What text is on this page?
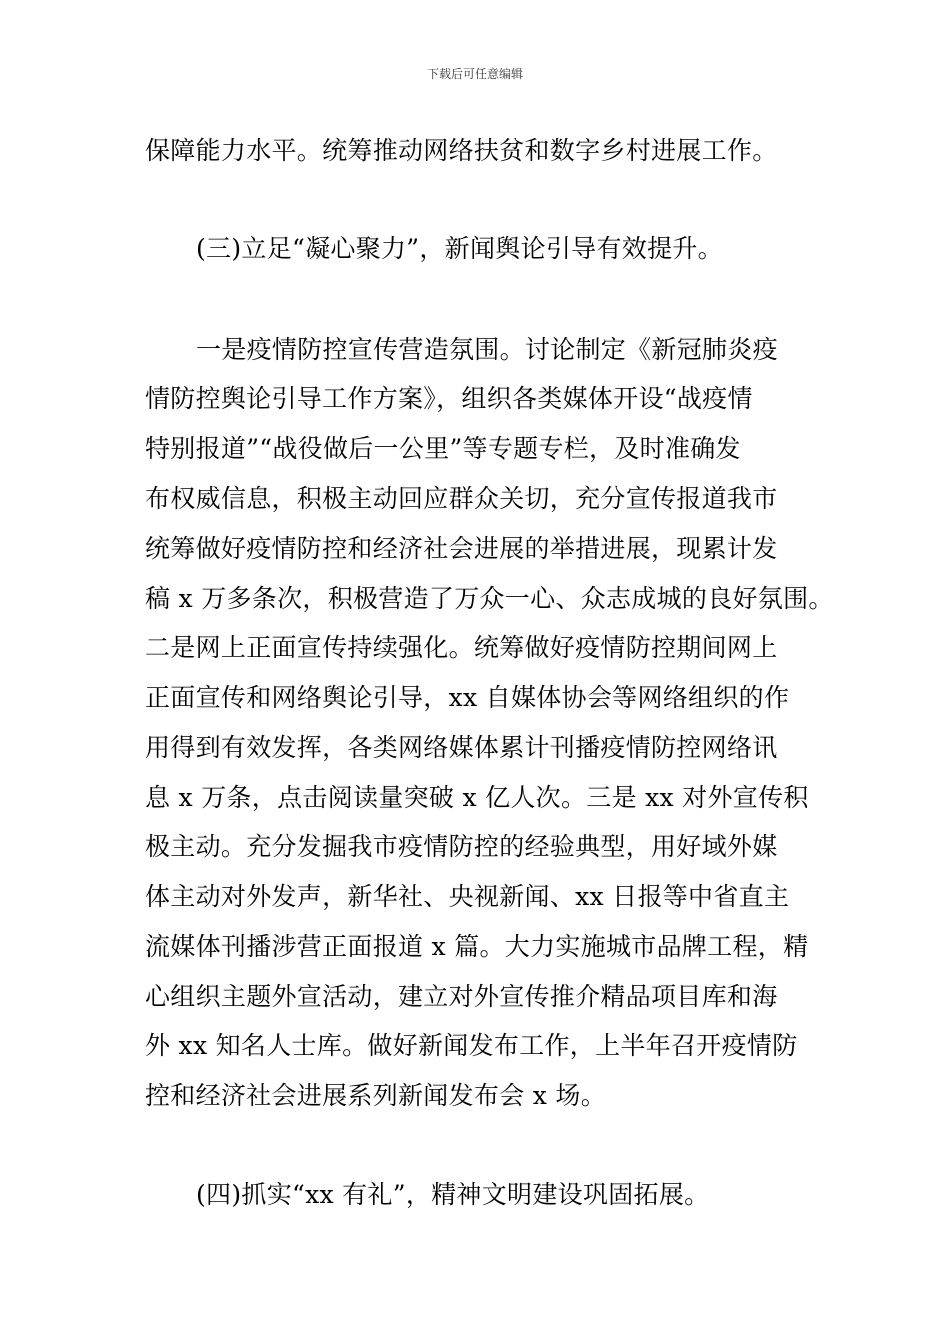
下载后可任意编辑
保障能力水平。统筹推动网络扶贫和数字乡村进展工作。
(三)立足“凝心聚力”，新闻舆论引导有效提升。
一是疫情防控宣传营造氛围。讨论制定《新冠肺炎疫
情防控舆论引导工作方案》，组织各类媒体开设“战疫情
特别报道”“战役做后一公里”等专题专栏，及时准确发
布权威信息，积极主动回应群众关切，充分宣传报道我市
统筹做好疫情防控和经济社会进展的举措进展，现累计发
稿 x 万多条次，积极营造了万众一心、众志成城的良好氛围。
二是网上正面宣传持续强化。统筹做好疫情防控期间网上
正面宣传和网络舆论引导，xx 自媒体协会等网络组织的作
用得到有效发挥，各类网络媒体累计刊播疫情防控网络讯
息 x 万条，点击阅读量突破 x 亿人次。三是 xx 对外宣传积
极主动。充分发掘我市疫情防控的经验典型，用好域外媒
体主动对外发声，新华社、央视新闻、xx 日报等中省直主
流媒体刊播涉营正面报道 x 篇。大力实施城市品牌工程，精
心组织主题外宣活动，建立对外宣传推介精品项目库和海
外 xx 知名人士库。做好新闻发布工作，上半年召开疫情防
控和经济社会进展系列新闻发布会 x 场。
(四)抓实“xx 有礼”，精神文明建设巩固拓展。
